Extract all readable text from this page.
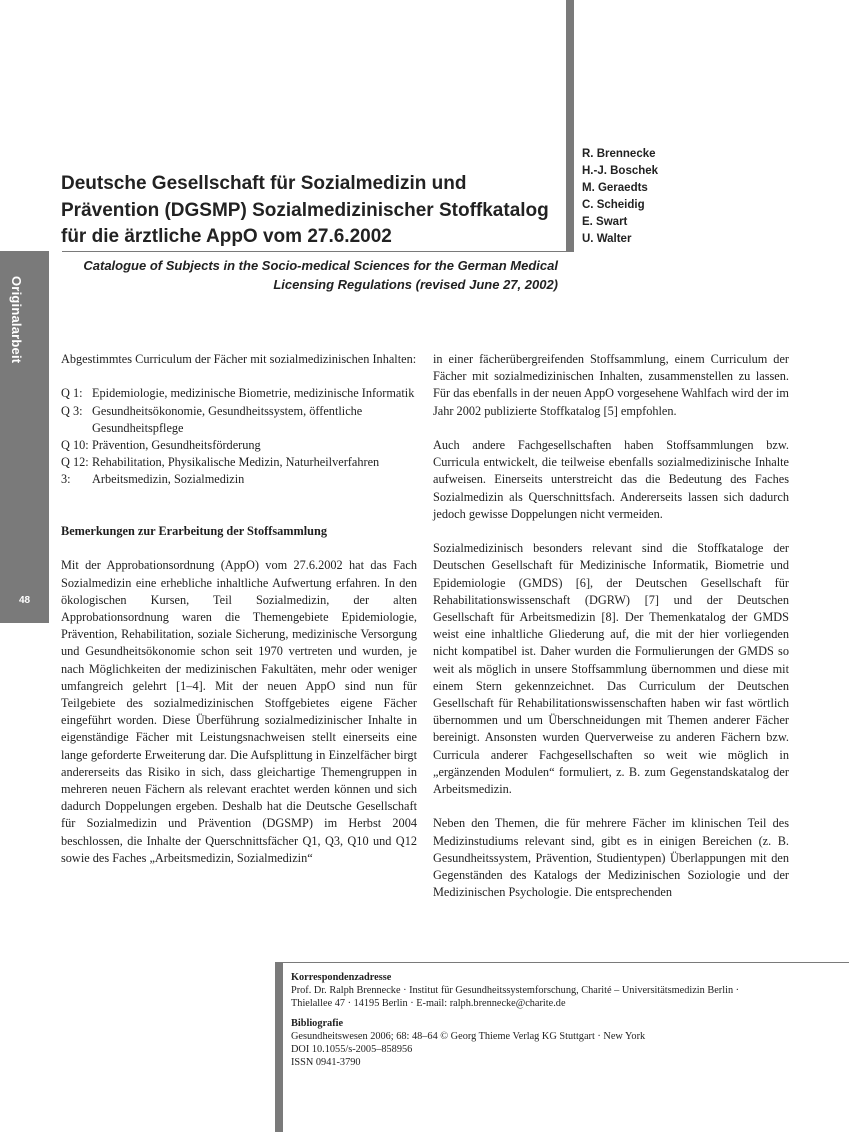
Originalarbeit
48
Deutsche Gesellschaft für Sozialmedizin und
Prävention (DGSMP) Sozialmedizinischer Stoffkatalog
für die ärztliche AppO vom 27.6.2002
Catalogue of Subjects in the Socio-medical Sciences for the German Medical
Licensing Regulations (revised June 27, 2002)
R. Brennecke
H.-J. Boschek
M. Geraedts
C. Scheidig
E. Swart
U. Walter

Abgestimmtes Curriculum der Fächer mit sozialmedizinischen Inhalten:

Q 1: Epidemiologie, medizinische Biometrie, medizinische Informatik
Q 3: Gesundheitsökonomie, Gesundheitssystem, öffentliche Gesundheitspflege
Q 10: Prävention, Gesundheitsförderung
Q 12: Rehabilitation, Physikalische Medizin, Naturheilverfahren
3:	Arbeitsmedizin, Sozialmedizin
Bemerkungen zur Erarbeitung der Stoffsammlung

Mit der Approbationsordnung (AppO) vom 27.6.2002 hat das Fach Sozialmedizin eine erhebliche inhaltliche Aufwertung erfahren. In den ökologischen Kursen, Teil Sozialmedizin, der alten Approbationsordnung waren die Themengebiete Epidemiologie, Prävention, Rehabilitation, soziale Sicherung, medizinische Versorgung und Gesundheitsökonomie schon seit 1970 vertreten und wurden, je nach Möglichkeiten der medizinischen Fakultäten, mehr oder weniger umfangreich gelehrt [1–4]. Mit der neuen AppO sind nun für Teilgebiete des sozialmedizinischen Stoffgebietes eigene Fächer eingeführt worden. Diese Überführung sozialmedizinischer Inhalte in eigenständige Fächer mit Leistungsnachweisen stellt einerseits eine lange geforderte Erweiterung dar. Die Aufsplittung in Einzelfächer birgt andererseits das Risiko in sich, dass gleichartige Themengruppen in mehreren neuen Fächern als relevant erachtet werden können und sich dadurch Doppelungen ergeben. Deshalb hat die Deutsche Gesellschaft für Sozialmedizin und Prävention (DGSMP) im Herbst 2004 beschlossen, die Inhalte der Querschnittsfächer Q1, Q3, Q10 und Q12 sowie des Faches „Arbeitsmedizin, Sozialmedizin“

in einer fächerübergreifenden Stoffsammlung, einem Curriculum der Fächer mit sozialmedizinischen Inhalten, zusammenstellen zu lassen. Für das ebenfalls in der neuen AppO vorgesehene Wahlfach wird der im Jahr 2002 publizierte Stoffkatalog [5] empfohlen.

Auch andere Fachgesellschaften haben Stoffsammlungen bzw. Curricula entwickelt, die teilweise ebenfalls sozialmedizinische Inhalte aufweisen. Einerseits unterstreicht das die Bedeutung des Faches Sozialmedizin als Querschnittsfach. Andererseits lassen sich dadurch jedoch gewisse Doppelungen nicht vermeiden.

Sozialmedizinisch besonders relevant sind die Stoffkataloge der Deutschen Gesellschaft für Medizinische Informatik, Biometrie und Epidemiologie (GMDS) [6], der Deutschen Gesellschaft für Rehabilitationswissenschaft (DGRW) [7] und der Deutschen Gesellschaft für Arbeitsmedizin [8]. Der Themenkatalog der GMDS weist eine inhaltliche Gliederung auf, die mit der hier vorliegenden nicht kompatibel ist. Daher wurden die Formulierungen der GMDS so weit als möglich in unsere Stoffsammlung übernommen und diese mit einem Stern gekennzeichnet. Das Curriculum der Deutschen Gesellschaft für Rehabilitationswissenschaften haben wir fast wörtlich übernommen und um Überschneidungen mit Themen anderer Fächer bereinigt. Ansonsten wurden Querverweise zu anderen Fächern bzw. Curricula anderer Fachgesellschaften so weit wie möglich in „ergänzenden Modulen“ formuliert, z. B. zum Gegenstandskatalog der Arbeitsmedizin.

Neben den Themen, die für mehrere Fächer im klinischen Teil des Medizinstudiums relevant sind, gibt es in einigen Bereichen (z. B. Gesundheitssystem, Prävention, Studientypen) Überlappungen mit den Gegenständen des Katalogs der Medizinischen Soziologie und der Medizinischen Psychologie. Die entsprechenden

Korrespondenzadresse
Prof. Dr. Ralph Brennecke · Institut für Gesundheitssystemforschung, Charité – Universitätsmedizin Berlin ·
Thielallee 47 · 14195 Berlin · E-mail: ralph.brennecke@charite.de
Bibliografie
Gesundheitswesen 2006; 68: 48–64 © Georg Thieme Verlag KG Stuttgart · New York
DOI 10.1055/s-2005–858956
ISSN 0941-3790
